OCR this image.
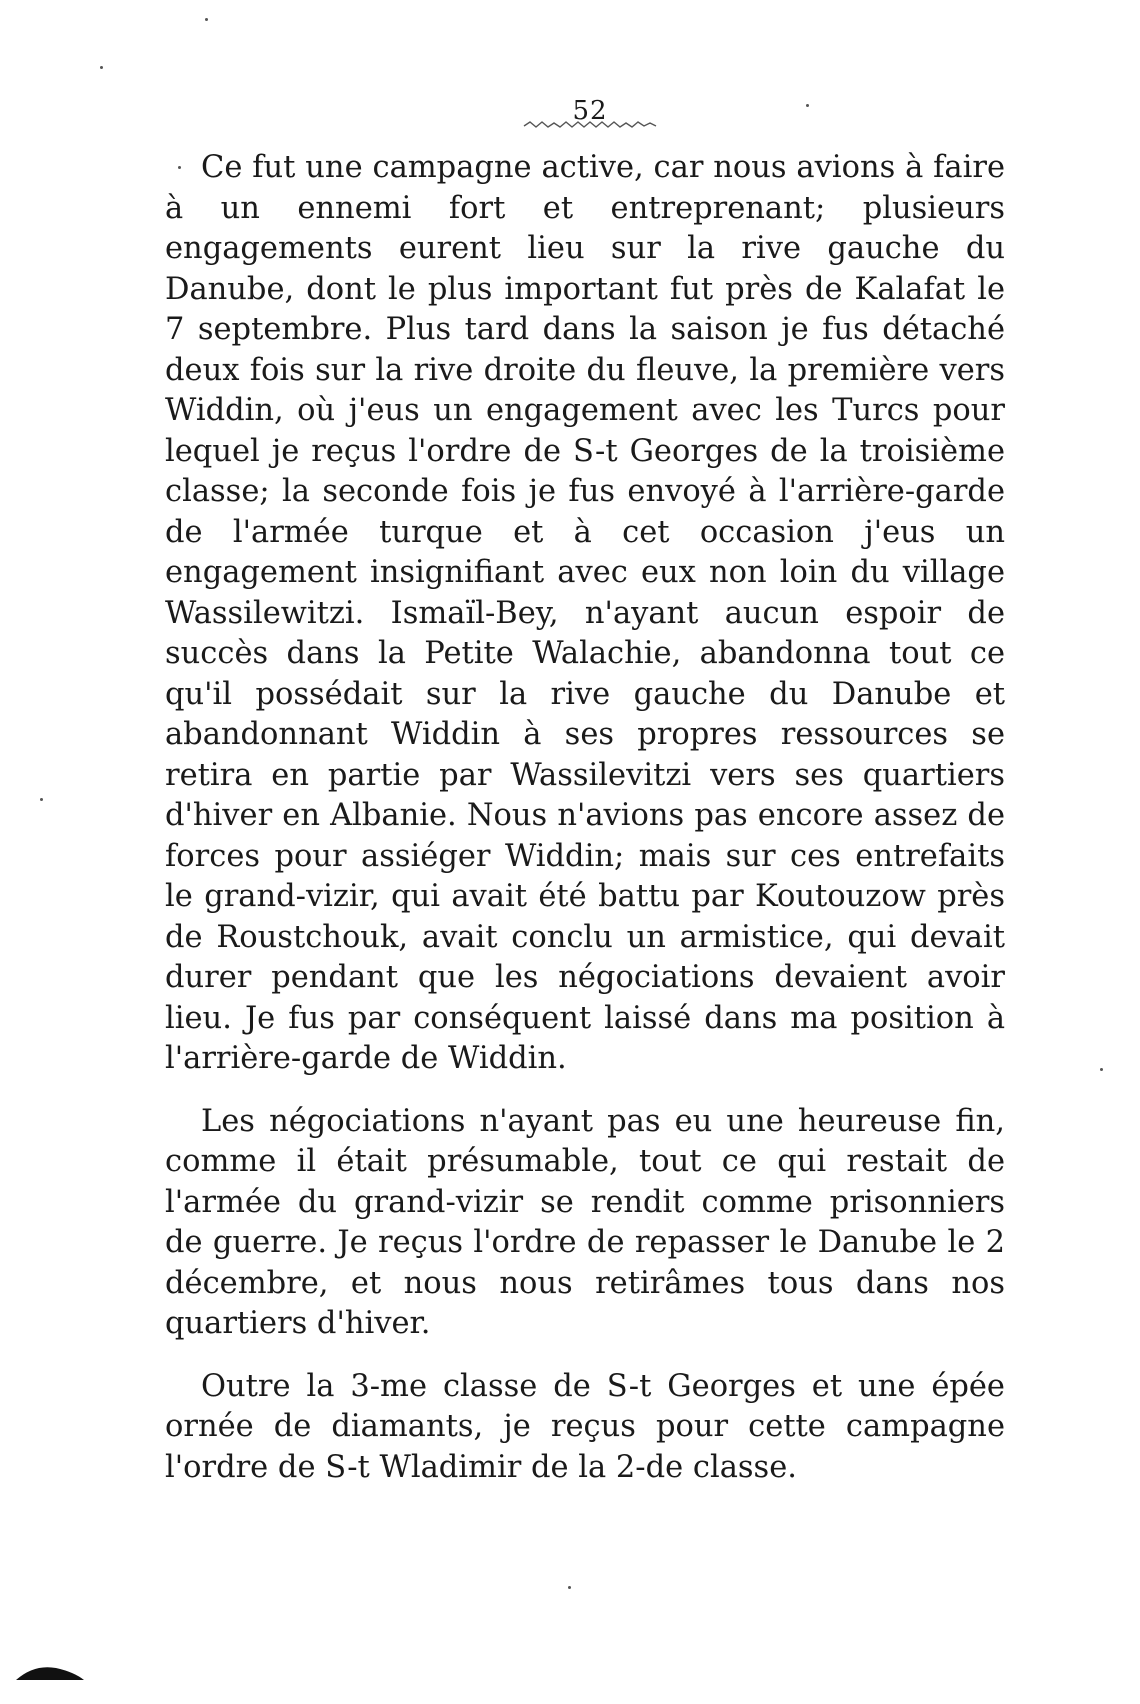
52

Ce fut une campagne active, car nous avions à faire à un ennemi fort et entreprenant; plusieurs engagements eurent lieu sur la rive gauche du Danube, dont le plus important fut près de Kalafat le 7 septembre. Plus tard dans la saison je fus détaché deux fois sur la rive droite du fleuve, la première vers Widdin, où j'eus un engagement avec les Turcs pour lequel je reçus l'ordre de S-t Georges de la troisième classe; la seconde fois je fus envoyé à l'arrière-garde de l'armée turque et à cet occasion j'eus un engagement insignifiant avec eux non loin du village Wassilewitzi. Ismaïl-Bey, n'ayant aucun espoir de succès dans la Petite Walachie, abandonna tout ce qu'il possédait sur la rive gauche du Danube et abandonnant Widdin à ses propres ressources se retira en partie par Wassilevitzi vers ses quartiers d'hiver en Albanie. Nous n'avions pas encore assez de forces pour assiéger Widdin; mais sur ces entrefaits le grand-vizir, qui avait été battu par Koutouzow près de Roustchouk, avait conclu un armistice, qui devait durer pendant que les négociations devaient avoir lieu. Je fus par conséquent laissé dans ma position à l'arrière-garde de Widdin.

Les négociations n'ayant pas eu une heureuse fin, comme il était présumable, tout ce qui restait de l'armée du grand-vizir se rendit comme prisonniers de guerre. Je reçus l'ordre de repasser le Danube le 2 décembre, et nous nous retirâmes tous dans nos quartiers d'hiver.

Outre la 3-me classe de S-t Georges et une épée ornée de diamants, je reçus pour cette campagne l'ordre de S-t Wladimir de la 2-de classe.
